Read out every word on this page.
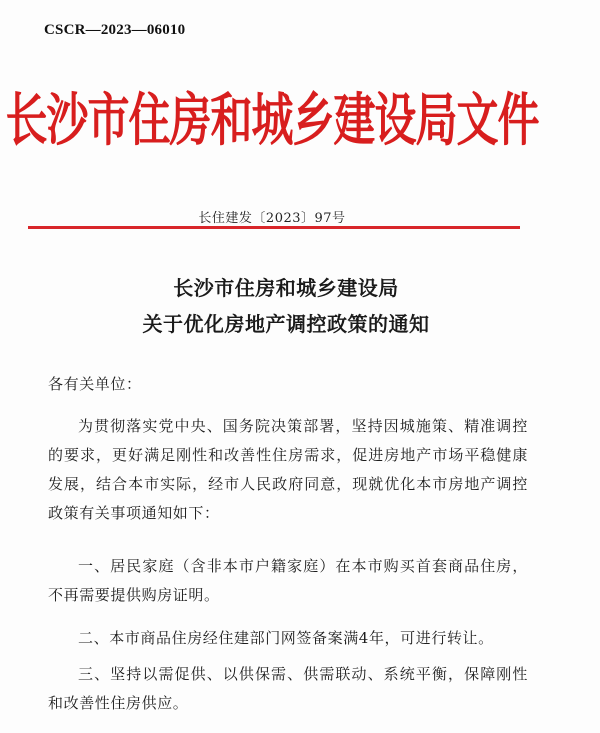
CSCR—2023—06010
长沙市住房和城乡建设局文件
长住建发〔2023〕97号
长沙市住房和城乡建设局
关于优化房地产调控政策的通知
各有关单位：
为贯彻落实党中央、国务院决策部署，坚持因城施策、精准调控的要求，更好满足刚性和改善性住房需求，促进房地产市场平稳健康发展，结合本市实际，经市人民政府同意，现就优化本市房地产调控政策有关事项通知如下：
一、居民家庭（含非本市户籍家庭）在本市购买首套商品住房，不再需要提供购房证明。
二、本市商品住房经住建部门网签备案满4年，可进行转让。
三、坚持以需促供、以供保需、供需联动、系统平衡，保障刚性和改善性住房供应。
